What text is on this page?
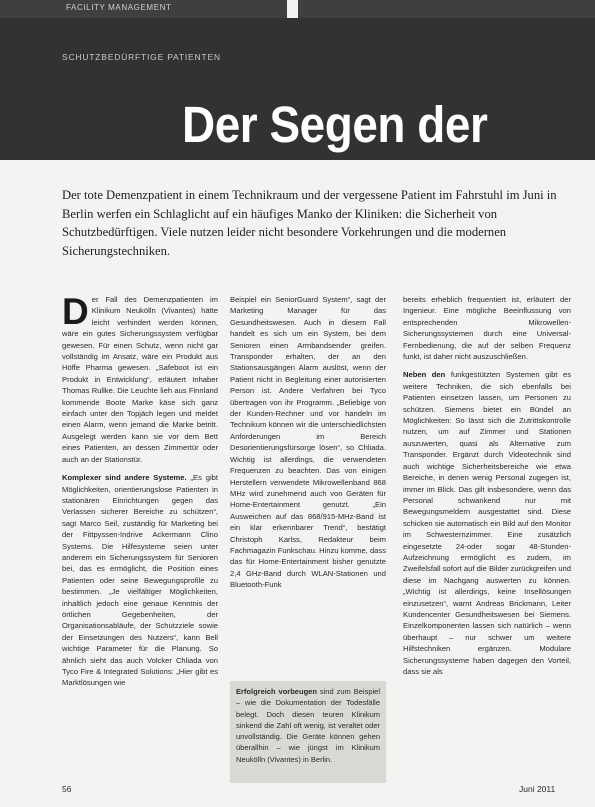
FACILITY MANAGEMENT
SCHUTZBEDÜRFTIGE PATIENTEN
Der Segen der
Der tote Demenzpatient in einem Technikraum und der vergessene Patient im Fahrstuhl im Juni in Berlin werfen ein Schlaglicht auf ein häufiges Manko der Kliniken: die Sicherheit von Schutzbedürftigen. Viele nutzen leider nicht besondere Vorkehrungen und die modernen Sicherungstechniken.

Der Fall des Demenzpatienten im Klinikum Neukölln (Vivantes) hätte leicht verhindert werden können, wäre ein gutes Sicherungssystem verfügbar gewesen. Für einen Schutz, wenn nicht gar vollständig im Ansatz, wäre ein Produkt aus Höffe Pharma gewesen. „Safeboot ist ein Produkt in Entwicklung“, erläutert Inhaber Thomas Rullke. Die Leuchte lieh aus Finnland kommende Boote Marke käse sich ganz einfach unter den Topjäch legen und meldet einen Alarm, wenn jemand die Marke betritt. Ausgelegt werden kann sie vor dem Bett eines Patienten, an dessen Zimmertür oder auch an der Stationstür.

Komplexer sind andere Systeme. „Es gibt Möglichkeiten, orientierungslose Patienten in stationären Einrichtungen gegen das Verlassen sicherer Bereiche zu schützen“, sagt Marco Seil, zuständig für Marketing bei der Fittpyssen-Indrive Ackermann Clino Systems. Die Hilfesysteme seien unter anderem ein Sicherungssystem für Senioren bei, das es ermöglicht, die Position eines Patienten oder seine Bewegungsprofile zu bestimmen. „Je vielfältiger Möglichkeiten, inhaltlich jedoch eine genaue Kenntnis der örtlichen Gegebenheiten, der Organisationsabläufe, der Schutzziele sowie der Einsetzungen des Nutzers“, kann Bell wichtige Parameter für die Planung. So ähnlich sieht das auch Volcker Chliada von Tyco Fire & Integrated Solutions: „Hier gibt es Marktlösungen wie

Beispiel ein SeniorGuard System“, sagt der Marketing Manager für das Gesundheitswesen. Auch in diesem Fall handelt es sich um ein System, bei dem Senioren einen Armbandsender greifen. Transponder erhalten, der an den Stationsausgängen Alarm auslöst, wenn der Patient nicht in Begleitung einer autorisierten Person ist. Andere Verfahren bei Tyco übertragen von ihr Programm. „Beliebige von der Kunden-Rechner und vor handeln im Technikum können wir die unterschiedlichsten Anforderungen im Bereich Desorientierungsfürsorge lösen“, so Chliada. Wichtig ist allerdings, die verwendeten Frequenzen zu beachten. Das von einigen Herstellern verwendete Mikrowellenband 868 MHz wird zunehmend auch von Geräten für Home-Entertainment genutzt. „Ein Ausweichen auf das 868/915-MHz-Band ist ein klar erkennbarer Trend“, bestätigt Christoph Karlss, Redakteur beim Fachmagazin Funkschau. Hinzu komme, dass das für Home-Entertainment bisher genutzte 2,4 GHz-Band durch WLAN-Stationen und Bluetooth-Funk

Erfolgreich vorbeugen sind zum Beispiel – wie die Dokumentation der Todesfälle belegt. Doch diesen teuren Klinikum sinkend die Zahl oft wenig, ist veraltet oder unvollständig. Die Geräte können gehen überallhin – wie jüngst im Klinikum Neukölln (Vivantes) in Berlin.

bereits erheblich frequentiert ist, erläutert der Ingenieur. Eine mögliche Beeinflussung von entsprechenden Mikrowellen-Sicherungssystemen durch eine Universal-Fernbedienung, die auf der selben Frequenz funkt, ist daher nicht auszuschließen.

Neben den funkgestützten Systemen gibt es weitere Techniken, die sich ebenfalls bei Patienten einsetzen lassen, um Personen zu schützen. Siemens bietet ein Bündel an Möglichkeiten: So lässt sich die Zutrittskontrolle nutzen, um auf Zimmer und Stationen auszuwerten, quasi als Alternative zum Transponder. Ergänzt durch Videotechnik sind auch wichtige Sicherheitsbereiche wie etwa Bereiche, in denen wenig Personal zugegen ist, immer im Blick. Das gilt insbesondere, wenn das Personal schwankend nur mit Bewegungsmeldern ausgestattet sind. Diese schicken sie automatisch ein Bild auf den Monitor im Schwesternzimmer. Eine zusätzlich eingesetzte 24-oder sogar 48-Stunden-Aufzeichnung ermöglicht es zudem, im Zweifelsfall sofort auf die Bilder zurückgreifen und diese im Nachgang auswerten zu können. „Wichtig ist allerdings, keine Insellösungen einzusetzen“, warnt Andreas Brickmann, Leiter Kundencenter Gesundheitswesen bei Siemens. Einzelkomponenten lassen sich natürlich – wenn überhaupt – nur schwer um weitere Hilfstechniken ergänzen. Modulare Sicherungssysteme haben dagegen den Vorteil, dass sie als

56	Juni 2011
